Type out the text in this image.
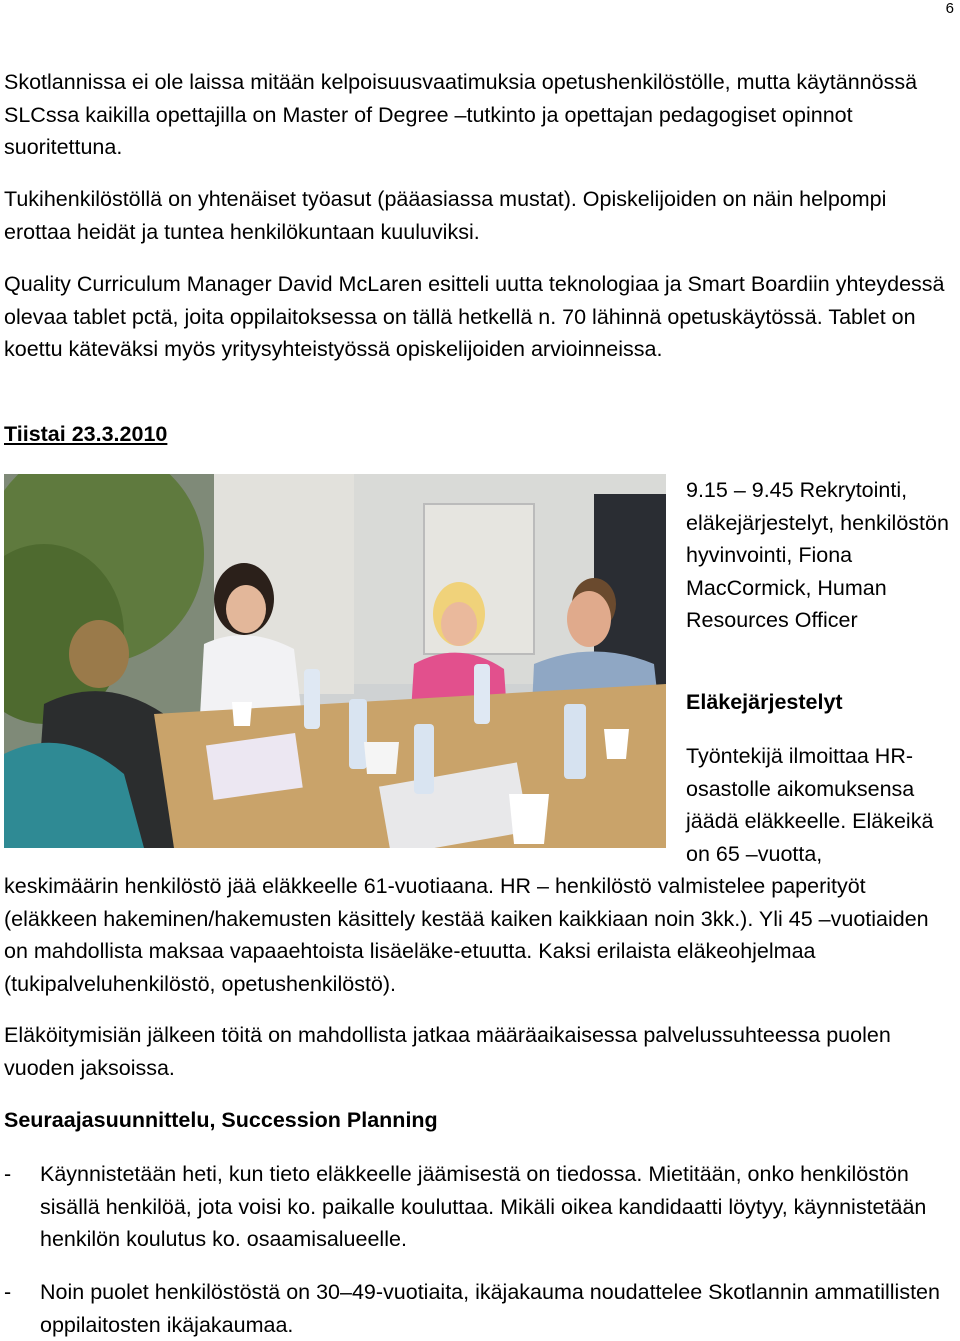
6

Skotlannissa ei ole laissa mitään kelpoisuusvaatimuksia opetushenkilöstölle, mutta käytännössä SLCssa kaikilla opettajilla on Master of Degree –tutkinto ja opettajan pedagogiset opinnot suoritettuna.

Tukihenkilöstöllä on yhtenäiset työasut (pääasiassa mustat). Opiskelijoiden on näin helpompi erottaa heidät ja tuntea henkilökuntaan kuuluviksi.

Quality Curriculum Manager David McLaren esitteli uutta teknologiaa ja Smart Boardiin yhteydessä olevaa tablet pctä, joita oppilaitoksessa on tällä hetkellä n. 70 lähinnä opetuskäytössä. Tablet on koettu käteväksi myös yritysyhteistyössä opiskelijoiden arvioinneissa.

Tiistai 23.3.2010
9.15 – 9.45 Rekrytointi, eläkejärjestelyt, henkilöstön hyvinvointi, Fiona MacCormick, Human Resources Officer
Eläkejärjestelyt
Työntekijä ilmoittaa HR-osastolle aikomuksensa jäädä eläkkeelle. Eläkeikä on 65 –vuotta,

keskimäärin henkilöstö jää eläkkeelle 61-vuotiaana. HR – henkilöstö valmistelee paperityöt (eläkkeen hakeminen/hakemusten käsittely kestää kaiken kaikkiaan noin 3kk.). Yli 45 –vuotiaiden on mahdollista maksaa vapaaehtoista lisäeläke-etuutta. Kaksi erilaista eläkeohjelmaa (tukipalveluhenkilöstö, opetushenkilöstö).

Eläköitymisiän jälkeen töitä on mahdollista jatkaa määräaikaisessa palvelussuhteessa puolen vuoden jaksoissa.

Seuraajasuunnittelu, Succession Planning
- Käynnistetään heti, kun tieto eläkkeelle jäämisestä on tiedossa. Mietitään, onko henkilöstön sisällä henkilöä, jota voisi ko. paikalle kouluttaa. Mikäli oikea kandidaatti löytyy, käynnistetään henkilön koulutus ko. osaamisalueelle.
- Noin puolet henkilöstöstä on 30–49-vuotiaita, ikäjakauma noudattelee Skotlannin ammatillisten oppilaitosten ikäjakaumaa.
